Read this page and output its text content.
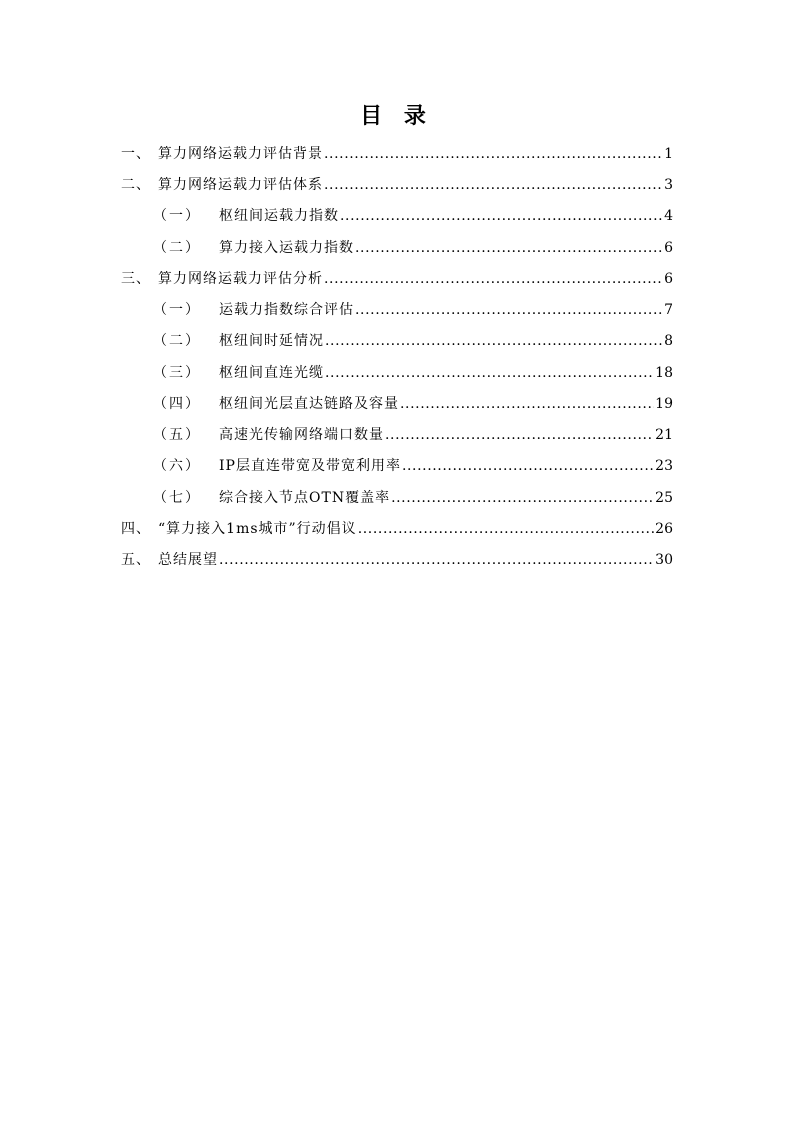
目 录
一、 算力网络运载力评估背景 .....	1
二、 算力网络运载力评估体系 .....	3
（一）	枢纽间运载力指数 .....	4
（二）	算力接入运载力指数 .....	6
三、 算力网络运载力评估分析 .....	6
（一）	运载力指数综合评估 .....	7
（二）	枢纽间时延情况 .....	8
（三）	枢纽间直连光缆 .....	18
（四）	枢纽间光层直达链路及容量 .....	19
（五）	高速光传输网络端口数量 .....	21
（六）	IP层直连带宽及带宽利用率 .....	23
（七）	综合接入节点OTN覆盖率 .....	25
四、 “算力接入1ms城市”行动倡议 .....	26
五、 总结展望 .....	30
